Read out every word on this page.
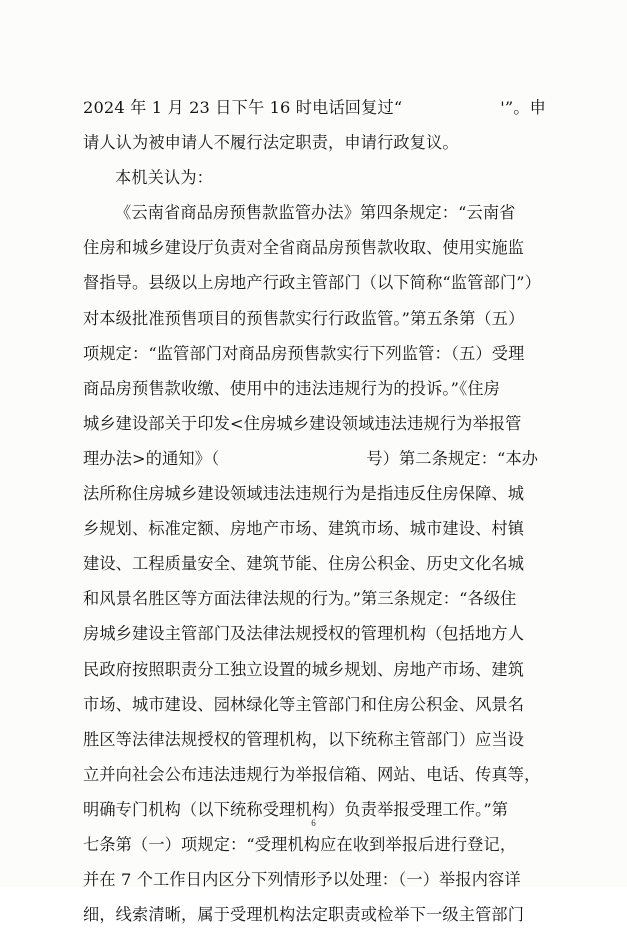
2024 年 1 月 23 日下午 16 时电话回复过“　　　　　　'”。申
请人认为被申请人不履行法定职责，申请行政复议。
本机关认为：
《云南省商品房预售款监管办法》第四条规定：“云南省
住房和城乡建设厅负责对全省商品房预售款收取、使用实施监
督指导。县级以上房地产行政主管部门（以下简称“监管部门”）
对本级批准预售项目的预售款实行行政监管。”第五条第（五）
项规定：“监管部门对商品房预售款实行下列监管：（五）受理
商品房预售款收缴、使用中的违法违规行为的投诉。”《住房
城乡建设部关于印发<住房城乡建设领域违法违规行为举报管
理办法>的通知》（　　　　　　　　　号）第二条规定：“本办
法所称住房城乡建设领域违法违规行为是指违反住房保障、城
乡规划、标准定额、房地产市场、建筑市场、城市建设、村镇
建设、工程质量安全、建筑节能、住房公积金、历史文化名城
和风景名胜区等方面法律法规的行为。”第三条规定：“各级住
房城乡建设主管部门及法律法规授权的管理机构（包括地方人
民政府按照职责分工独立设置的城乡规划、房地产市场、建筑
市场、城市建设、园林绿化等主管部门和住房公积金、风景名
胜区等法律法规授权的管理机构，以下统称主管部门）应当设
立并向社会公布违法违规行为举报信箱、网站、电话、传真等，
明确专门机构（以下统称受理机构）负责举报受理工作。”第
七条第（一）项规定：“受理机构应在收到举报后进行登记，
并在 7 个工作日内区分下列情形予以处理：（一）举报内容详
细，线索清晰，属于受理机构法定职责或检举下一级主管部门
6
